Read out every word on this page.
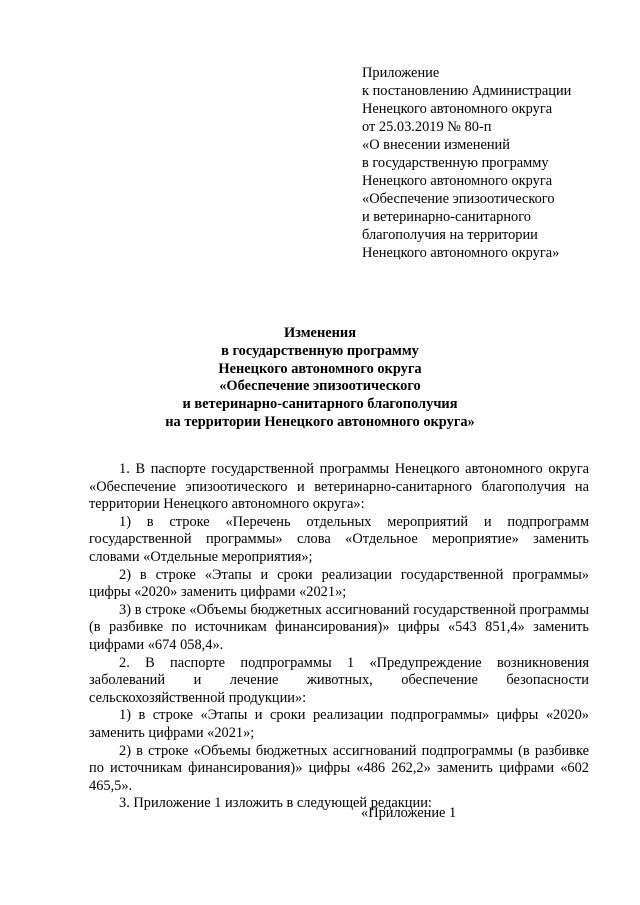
Приложение
к постановлению Администрации
Ненецкого автономного округа
от 25.03.2019 № 80-п
«О внесении изменений
в государственную программу
Ненецкого автономного округа
«Обеспечение эпизоотического
и ветеринарно-санитарного
благополучия на территории
Ненецкого автономного округа»
Изменения
в государственную программу
Ненецкого автономного округа
«Обеспечение эпизоотического
и ветеринарно-санитарного благополучия
на территории Ненецкого автономного округа»

1. В паспорте государственной программы Ненецкого автономного округа «Обеспечение эпизоотического и ветеринарно-санитарного благополучия на территории Ненецкого автономного округа»:

1) в строке «Перечень отдельных мероприятий и подпрограмм государственной программы» слова «Отдельное мероприятие» заменить словами «Отдельные мероприятия»;

2) в строке «Этапы и сроки реализации государственной программы» цифры «2020» заменить цифрами «2021»;

3) в строке «Объемы бюджетных ассигнований государственной программы (в разбивке по источникам финансирования)» цифры «543 851,4» заменить цифрами «674 058,4».

2. В паспорте подпрограммы 1 «Предупреждение возникновения заболеваний и лечение животных, обеспечение безопасности сельскохозяйственной продукции»:

1) в строке «Этапы и сроки реализации подпрограммы» цифры «2020» заменить цифрами «2021»;

2) в строке «Объемы бюджетных ассигнований подпрограммы (в разбивке по источникам финансирования)» цифры «486 262,2» заменить цифрами «602 465,5».

3. Приложение 1 изложить в следующей редакции:

«Приложение 1
